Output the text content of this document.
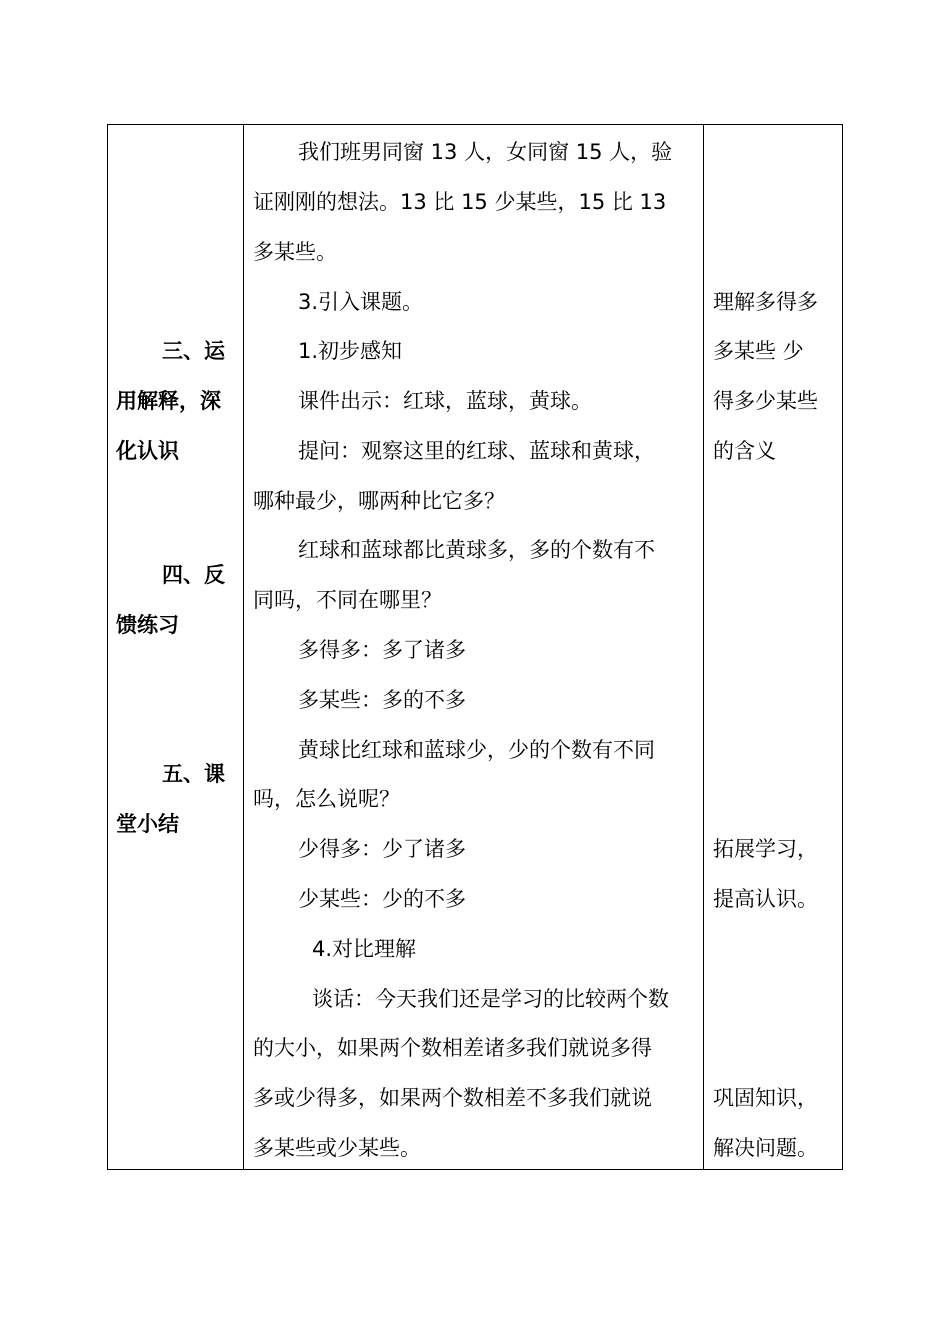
三、运
用解释，深
化认识
四、反
馈练习
五、课
堂小结
我们班男同窗 13 人，女同窗 15 人，验
证刚刚的想法。13 比 15 少某些，15 比 13
多某些。
3.引入课题。
1.初步感知
课件出示：红球，蓝球，黄球。
提问：观察这里的红球、蓝球和黄球，
哪种最少，哪两种比它多？
红球和蓝球都比黄球多，多的个数有不
同吗，不同在哪里？
多得多：多了诸多
多某些：多的不多
黄球比红球和蓝球少，少的个数有不同
吗，怎么说呢？
少得多：少了诸多
少某些：少的不多
4.对比理解
谈话：今天我们还是学习的比较两个数
的大小，如果两个数相差诸多我们就说多得
多或少得多，如果两个数相差不多我们就说
多某些或少某些。
理解多得多
多某些 少
得多少某些
的含义
拓展学习，
提高认识。
巩固知识，
解决问题。
